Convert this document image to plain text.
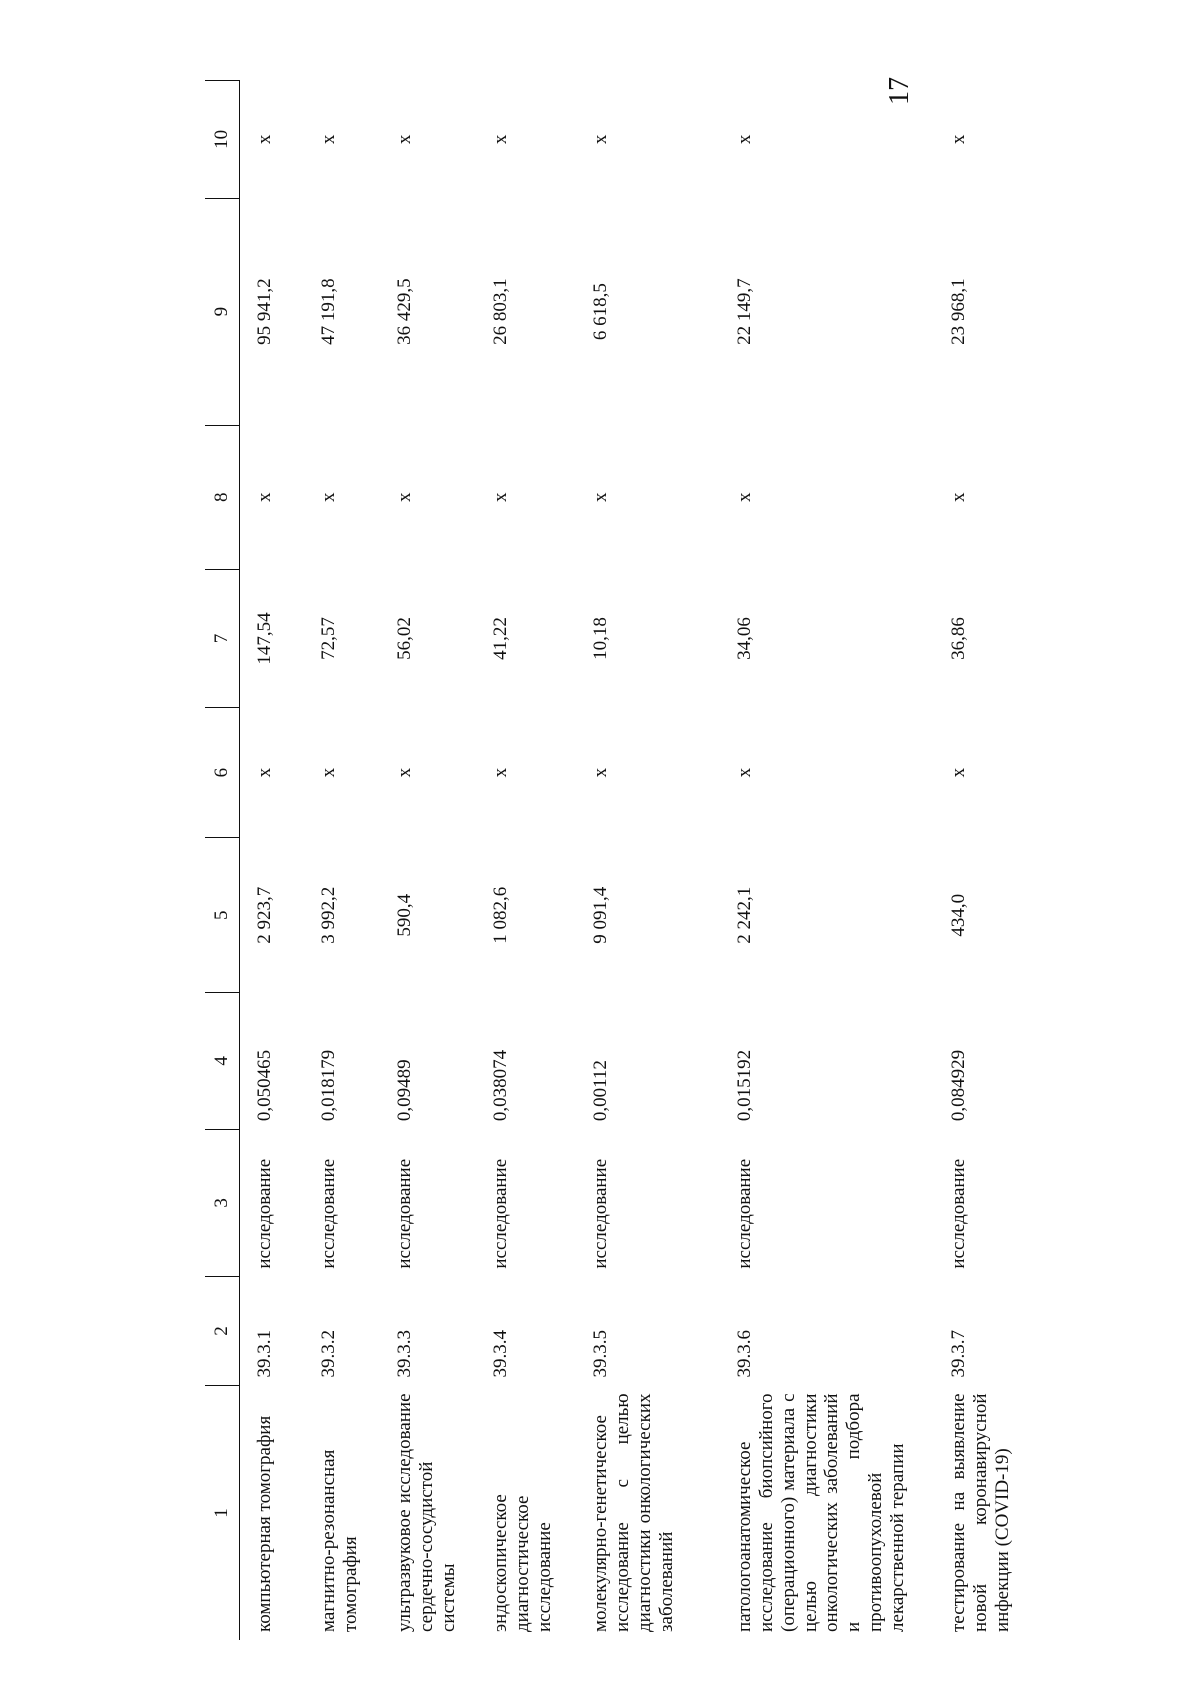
17
1	2	3	4	5	6	7	8	9	10
компьютерная томография	39.3.1	исследование	0,050465	2 923,7	х	147,54	х	95 941,2	х
магнитно-резонансная томография	39.3.2	исследование	0,018179	3 992,2	х	72,57	х	47 191,8	х
ультразвуковое исследование сердечно-сосудистой системы	39.3.3	исследование	0,09489	590,4	х	56,02	х	36 429,5	х
эндоскопическое диагностическое исследование	39.3.4	исследование	0,038074	1 082,6	х	41,22	х	26 803,1	х
молекулярно-генетическое исследование с целью диагностики онкологических заболеваний	39.3.5	исследование	0,00112	9 091,4	х	10,18	х	6 618,5	х
патологоанатомическое исследование биопсийного (операционного) материала с целью диагностики онкологических заболеваний и подбора противоопухолевой лекарственной терапии	39.3.6	исследование	0,015192	2 242,1	х	34,06	х	22 149,7	х
тестирование на выявление новой коронавирусной инфекции (COVID-19)	39.3.7	исследование	0,084929	434,0	х	36,86	х	23 968,1	х
